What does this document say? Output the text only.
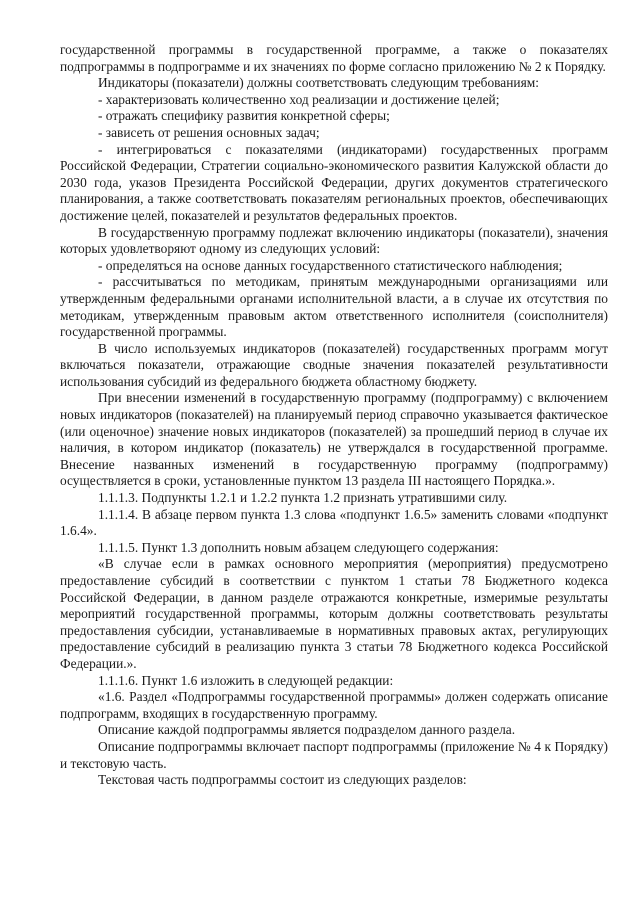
государственной программы в государственной программе, а также о показателях подпрограммы в подпрограмме и их значениях по форме согласно приложению № 2 к Порядку.

Индикаторы (показатели) должны соответствовать следующим требованиям:

- характеризовать количественно ход реализации и достижение целей;

- отражать специфику развития конкретной сферы;

- зависеть от решения основных задач;

- интегрироваться с показателями (индикаторами) государственных программ Российской Федерации, Стратегии социально-экономического развития Калужской области до 2030 года, указов Президента Российской Федерации, других документов стратегического планирования, а также соответствовать показателям региональных проектов, обеспечивающих достижение целей, показателей и результатов федеральных проектов.

В государственную программу подлежат включению индикаторы (показатели), значения которых удовлетворяют одному из следующих условий:

- определяться на основе данных государственного статистического наблюдения;

- рассчитываться по методикам, принятым международными организациями или утвержденным федеральными органами исполнительной власти, а в случае их отсутствия по методикам, утвержденным правовым актом ответственного исполнителя (соисполнителя) государственной программы.

В число используемых индикаторов (показателей) государственных программ могут включаться показатели, отражающие сводные значения показателей результативности использования субсидий из федерального бюджета областному бюджету.

При внесении изменений в государственную программу (подпрограмму) с включением новых индикаторов (показателей) на планируемый период справочно указывается фактическое (или оценочное) значение новых индикаторов (показателей) за прошедший период в случае их наличия, в котором индикатор (показатель) не утверждался в государственной программе. Внесение названных изменений в государственную программу (подпрограмму) осуществляется в сроки, установленные пунктом 13 раздела III настоящего Порядка.».

1.1.1.3. Подпункты 1.2.1 и 1.2.2 пункта 1.2 признать утратившими силу.

1.1.1.4. В абзаце первом пункта 1.3 слова «подпункт 1.6.5» заменить словами «подпункт 1.6.4».

1.1.1.5. Пункт 1.3 дополнить новым абзацем следующего содержания:

«В случае если в рамках основного мероприятия (мероприятия) предусмотрено предоставление субсидий в соответствии с пунктом 1 статьи 78 Бюджетного кодекса Российской Федерации, в данном разделе отражаются конкретные, измеримые результаты мероприятий государственной программы, которым должны соответствовать результаты предоставления субсидии, устанавливаемые в нормативных правовых актах, регулирующих предоставление субсидий в реализацию пункта 3 статьи 78 Бюджетного кодекса Российской Федерации.».

1.1.1.6. Пункт 1.6 изложить в следующей редакции:

«1.6. Раздел «Подпрограммы государственной программы» должен содержать описание подпрограмм, входящих в государственную программу.

Описание каждой подпрограммы является подразделом данного раздела.

Описание подпрограммы включает паспорт подпрограммы (приложение № 4 к Порядку) и текстовую часть.

Текстовая часть подпрограммы состоит из следующих разделов:
